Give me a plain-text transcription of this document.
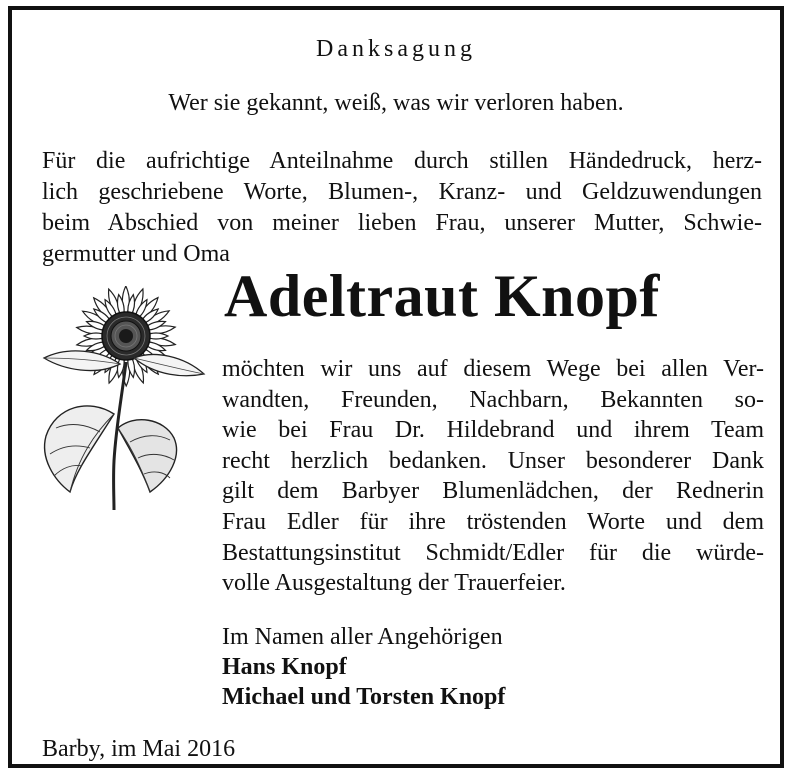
Danksagung
Wer sie gekannt, weiß, was wir verloren haben.
Für die aufrichtige Anteilnahme durch stillen Händedruck, herz-
lich geschriebene Worte, Blumen-, Kranz- und Geldzuwendungen
beim Abschied von meiner lieben Frau, unserer Mutter, Schwie-
germutter und Oma
Adeltraut Knopf
möchten wir uns auf diesem Wege bei allen Ver-
wandten, Freunden, Nachbarn, Bekannten so-
wie bei Frau Dr. Hildebrand und ihrem Team
recht herzlich bedanken. Unser besonderer Dank
gilt dem Barbyer Blumenlädchen, der Rednerin
Frau Edler für ihre tröstenden Worte und dem
Bestattungsinstitut Schmidt/Edler für die würde-
volle Ausgestaltung der Trauerfeier.
Im Namen aller Angehörigen
Hans Knopf
Michael und Torsten Knopf
Barby, im Mai 2016
